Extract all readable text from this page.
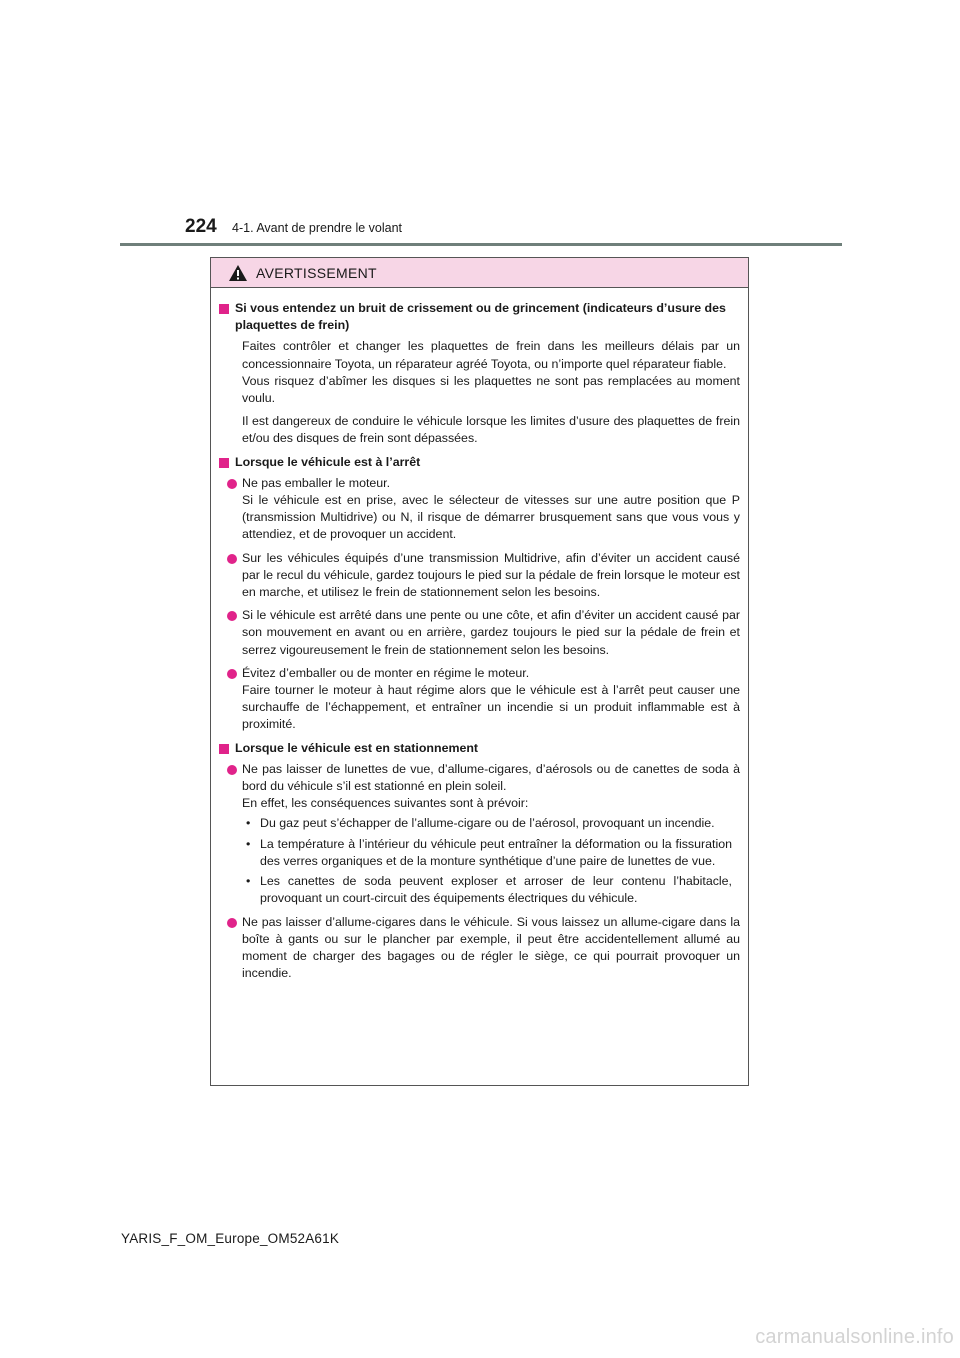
224 4-1. Avant de prendre le volant
AVERTISSEMENT
Si vous entendez un bruit de crissement ou de grincement (indicateurs d’usure des plaquettes de frein)
Faites contrôler et changer les plaquettes de frein dans les meilleurs délais par un concessionnaire Toyota, un réparateur agréé Toyota, ou n’importe quel réparateur fiable.
Vous risquez d’abîmer les disques si les plaquettes ne sont pas remplacées au moment voulu.
Il est dangereux de conduire le véhicule lorsque les limites d’usure des plaquettes de frein et/ou des disques de frein sont dépassées.
Lorsque le véhicule est à l’arrêt
Ne pas emballer le moteur.
Si le véhicule est en prise, avec le sélecteur de vitesses sur une autre position que P (transmission Multidrive) ou N, il risque de démarrer brusquement sans que vous vous y attendiez, et de provoquer un accident.
Sur les véhicules équipés d’une transmission Multidrive, afin d’éviter un accident causé par le recul du véhicule, gardez toujours le pied sur la pédale de frein lorsque le moteur est en marche, et utilisez le frein de stationnement selon les besoins.
Si le véhicule est arrêté dans une pente ou une côte, et afin d’éviter un accident causé par son mouvement en avant ou en arrière, gardez toujours le pied sur la pédale de frein et serrez vigoureusement le frein de stationnement selon les besoins.
Évitez d’emballer ou de monter en régime le moteur.
Faire tourner le moteur à haut régime alors que le véhicule est à l’arrêt peut causer une surchauffe de l’échappement, et entraîner un incendie si un produit inflammable est à proximité.
Lorsque le véhicule est en stationnement
Ne pas laisser de lunettes de vue, d’allume-cigares, d’aérosols ou de canettes de soda à bord du véhicule s’il est stationné en plein soleil.
En effet, les conséquences suivantes sont à prévoir:
• Du gaz peut s’échapper de l’allume-cigare ou de l’aérosol, provoquant un incendie.
• La température à l’intérieur du véhicule peut entraîner la déformation ou la fissuration des verres organiques et de la monture synthétique d’une paire de lunettes de vue.
• Les canettes de soda peuvent exploser et arroser de leur contenu l’habitacle, provoquant un court-circuit des équipements électriques du véhicule.
Ne pas laisser d’allume-cigares dans le véhicule. Si vous laissez un allume-cigare dans la boîte à gants ou sur le plancher par exemple, il peut être accidentellement allumé au moment de charger des bagages ou de régler le siège, ce qui pourrait provoquer un incendie.
YARIS_F_OM_Europe_OM52A61K
carmanualsonline.info
